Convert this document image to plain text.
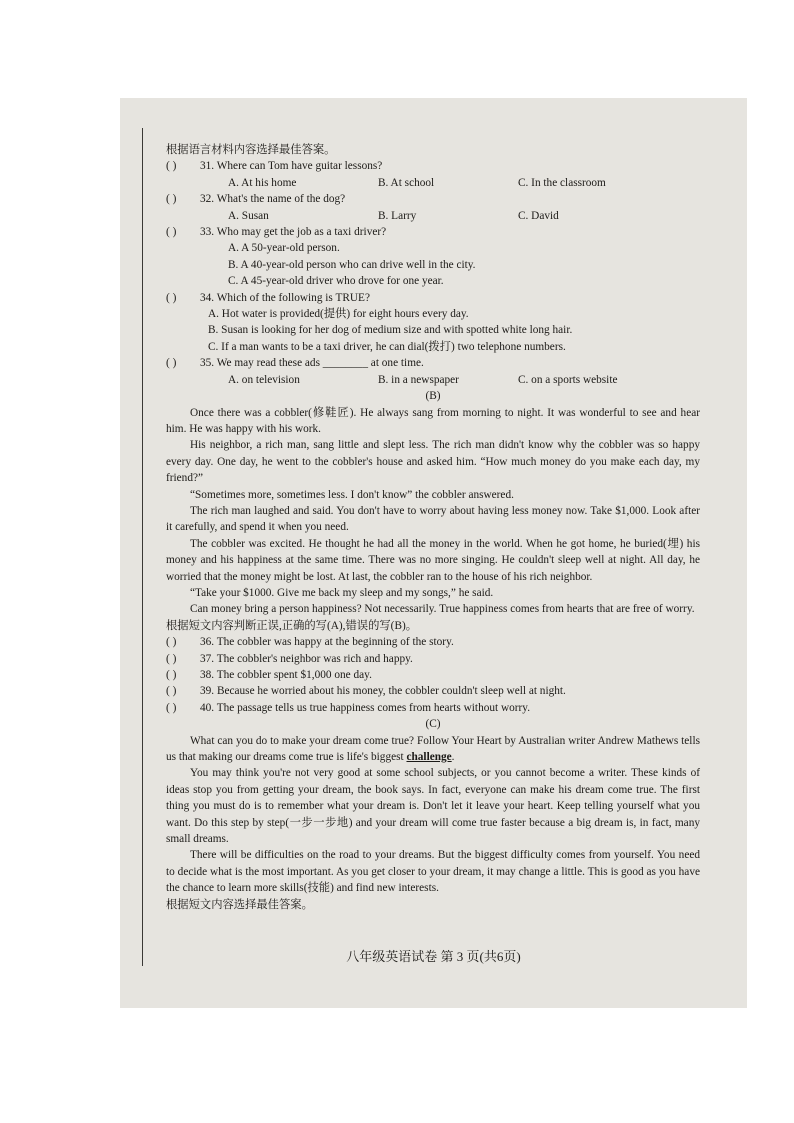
根据语言材料内容选择最佳答案。
( )	31. Where can Tom have guitar lessons?
A. At his home	B. At school	C. In the classroom
( )	32. What's the name of the dog?
A. Susan	B. Larry	C. David
( )	33. Who may get the job as a taxi driver?
A. A 50-year-old person.
B. A 40-year-old person who can drive well in the city.
C. A 45-year-old driver who drove for one year.
( )	34. Which of the following is TRUE?
A. Hot water is provided(提供) for eight hours every day.
B. Susan is looking for her dog of medium size and with spotted white long hair.
C. If a man wants to be a taxi driver, he can dial(拨打) two telephone numbers.
( )	35. We may read these ads ________ at one time.
A. on television	B. in a newspaper	C. on a sports website
(B)
Once there was a cobbler(修鞋匠). He always sang from morning to night. It was wonderful to see and hear him. He was happy with his work.
His neighbor, a rich man, sang little and slept less. The rich man didn't know why the cobbler was so happy every day. One day, he went to the cobbler's house and asked him. “How much money do you make each day, my friend?”
“Sometimes more, sometimes less. I don't know” the cobbler answered.
The rich man laughed and said. You don't have to worry about having less money now. Take $1,000. Look after it carefully, and spend it when you need.
The cobbler was excited. He thought he had all the money in the world. When he got home, he buried(埋) his money and his happiness at the same time. There was no more singing. He couldn't sleep well at night. All day, he worried that the money might be lost. At last, the cobbler ran to the house of his rich neighbor.
“Take your $1000. Give me back my sleep and my songs,” he said.
Can money bring a person happiness? Not necessarily. True happiness comes from hearts that are free of worry.
根据短文内容判断正误,正确的写(A),错误的写(B)。
( )	36. The cobbler was happy at the beginning of the story.
( )	37. The cobbler's neighbor was rich and happy.
( )	38. The cobbler spent $1,000 one day.
( )	39. Because he worried about his money, the cobbler couldn't sleep well at night.
( )	40. The passage tells us true happiness comes from hearts without worry.
(C)
What can you do to make your dream come true? Follow Your Heart by Australian writer Andrew Mathews tells us that making our dreams come true is life's biggest challenge.
You may think you're not very good at some school subjects, or you cannot become a writer. These kinds of ideas stop you from getting your dream, the book says. In fact, everyone can make his dream come true. The first thing you must do is to remember what your dream is. Don't let it leave your heart. Keep telling yourself what you want. Do this step by step(一步一步地) and your dream will come true faster because a big dream is, in fact, many small dreams.
There will be difficulties on the road to your dreams. But the biggest difficulty comes from yourself. You need to decide what is the most important. As you get closer to your dream, it may change a little. This is good as you have the chance to learn more skills(技能) and find new interests.
根据短文内容选择最佳答案。
八年级英语试卷 第 3 页(共6页)
